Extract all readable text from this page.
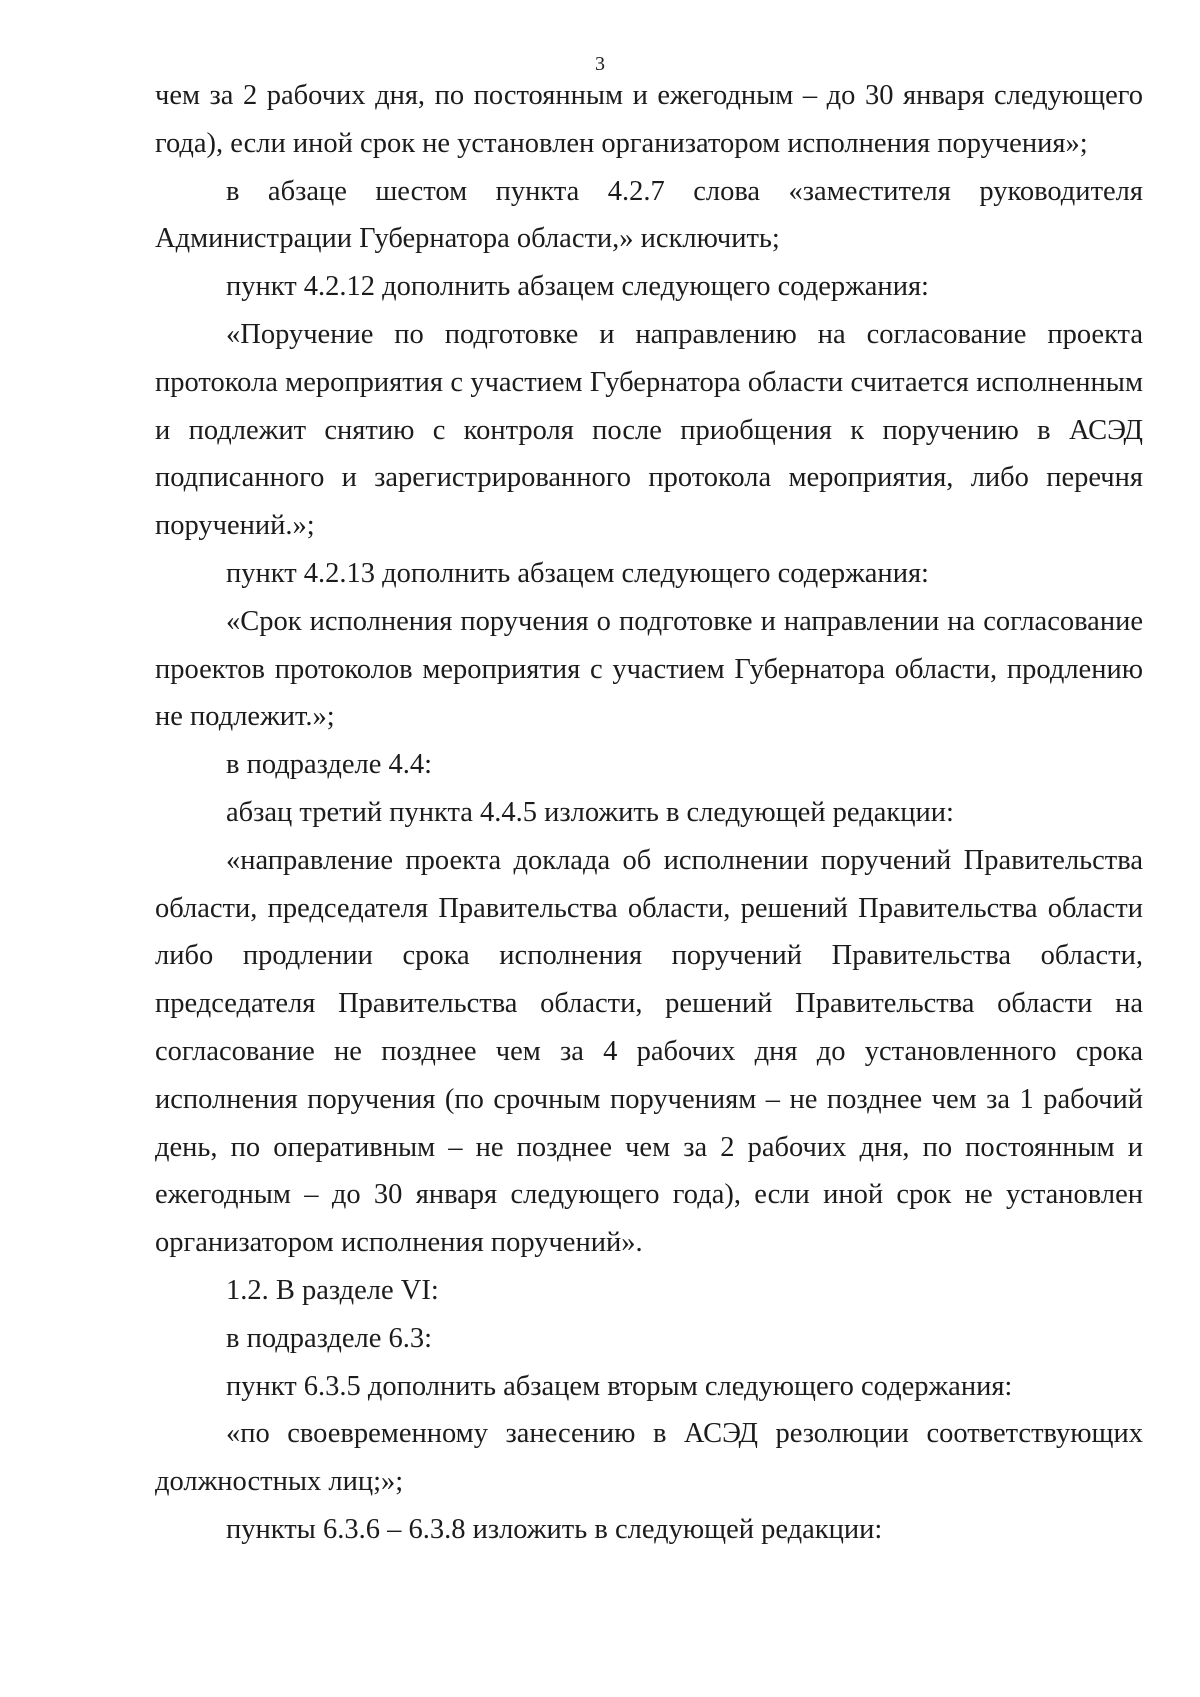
3

чем за 2 рабочих дня, по постоянным и ежегодным – до 30 января следующего года), если иной срок не установлен организатором исполнения поручения»;

в абзаце шестом пункта 4.2.7 слова «заместителя руководителя Администрации Губернатора области,» исключить;

пункт 4.2.12 дополнить абзацем следующего содержания:

«Поручение по подготовке и направлению на согласование проекта протокола мероприятия с участием Губернатора области считается исполненным и подлежит снятию с контроля после приобщения к поручению в АСЭД подписанного и зарегистрированного протокола мероприятия, либо перечня поручений.»;

пункт 4.2.13 дополнить абзацем следующего содержания:

«Срок исполнения поручения о подготовке и направлении на согласование проектов протоколов мероприятия с участием Губернатора области, продлению не подлежит.»;

в подразделе 4.4:

абзац третий пункта 4.4.5 изложить в следующей редакции:

«направление проекта доклада об исполнении поручений Правительства области, председателя Правительства области, решений Правительства области либо продлении срока исполнения поручений Правительства области, председателя Правительства области, решений Правительства области на согласование не позднее чем за 4 рабочих дня до установленного срока исполнения поручения (по срочным поручениям – не позднее чем за 1 рабочий день, по оперативным – не позднее чем за 2 рабочих дня, по постоянным и ежегодным – до 30 января следующего года), если иной срок не установлен организатором исполнения поручений».

1.2. В разделе VI:

в подразделе 6.3:

пункт 6.3.5 дополнить абзацем вторым следующего содержания:

«по своевременному занесению в АСЭД резолюции соответствующих должностных лиц;»;

пункты 6.3.6 – 6.3.8 изложить в следующей редакции:
